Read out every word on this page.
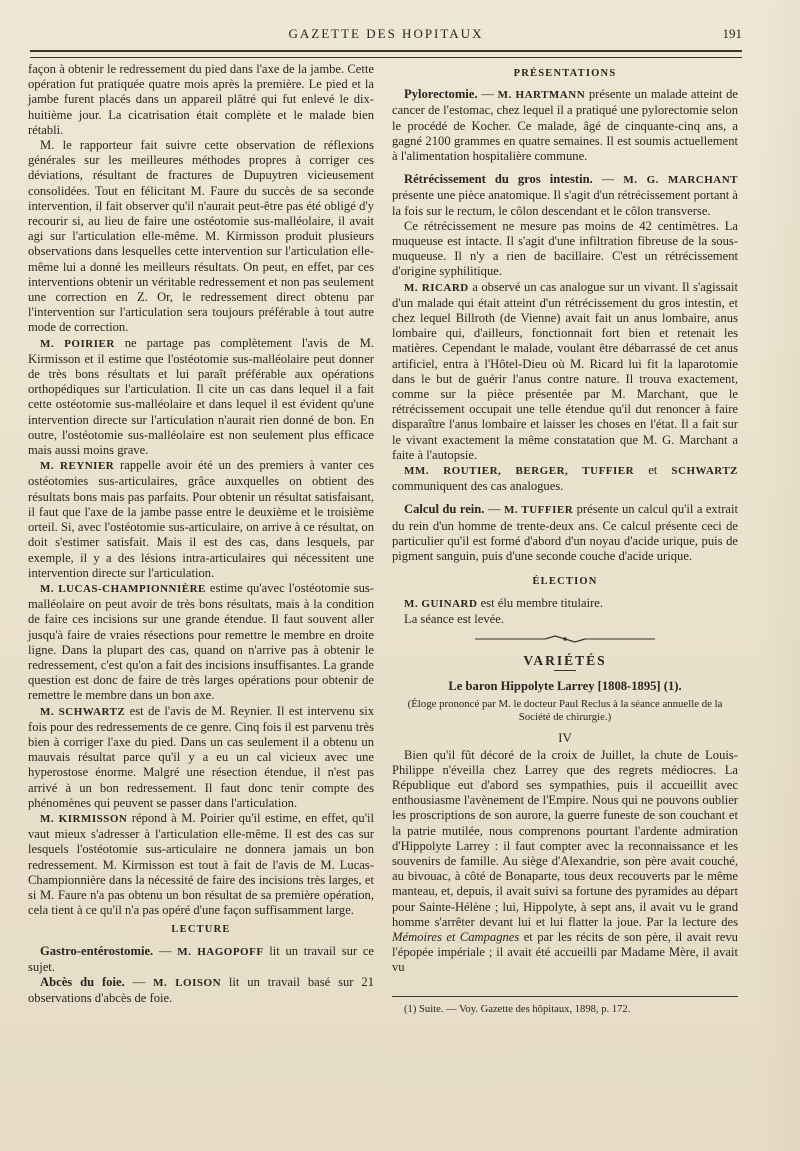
GAZETTE DES HOPITAUX	191

façon à obtenir le redressement du pied dans l'axe de la jambe. Cette opération fut pratiquée quatre mois après la première. Le pied et la jambe furent placés dans un appareil plâtré qui fut enlevé le dix-huitième jour. La cicatrisation était complète et le malade bien rétabli.

M. le rapporteur fait suivre cette observation de réflexions générales sur les meilleures méthodes propres à corriger ces déviations, résultant de fractures de Dupuytren vicieusement consolidées. Tout en félicitant M. Faure du succès de sa seconde intervention, il fait observer qu'il n'aurait peut-être pas été obligé d'y recourir si, au lieu de faire une ostéotomie sus-malléolaire, il avait agi sur l'articulation elle-même. M. Kirmisson produit plusieurs observations dans lesquelles cette intervention sur l'articulation elle-même lui a donné les meilleurs résultats. On peut, en effet, par ces interventions obtenir un véritable redressement et non pas seulement une correction en Z. Or, le redressement direct obtenu par l'intervention sur l'articulation sera toujours préférable à tout autre mode de correction.

M. POIRIER ne partage pas complètement l'avis de M. Kirmisson et il estime que l'ostéotomie sus-malléolaire peut donner de très bons résultats et lui paraît préférable aux opérations orthopédiques sur l'articulation. Il cite un cas dans lequel il a fait cette ostéotomie sus-malléolaire et dans lequel il est évident qu'une intervention directe sur l'articulation n'aurait rien donné de bon. En outre, l'ostéotomie sus-malléolaire est non seulement plus efficace mais aussi moins grave.

M. REYNIER rappelle avoir été un des premiers à vanter ces ostéotomies sus-articulaires, grâce auxquelles on obtient des résultats bons mais pas parfaits. Pour obtenir un résultat satisfaisant, il faut que l'axe de la jambe passe entre le deuxième et le troisième orteil. Si, avec l'ostéotomie sus-articulaire, on arrive à ce résultat, on doit s'estimer satisfait. Mais il est des cas, dans lesquels, par exemple, il y a des lésions intra-articulaires qui nécessitent une intervention directe sur l'articulation.

M. LUCAS-CHAMPIONNIÈRE estime qu'avec l'ostéotomie sus-malléolaire on peut avoir de très bons résultats, mais à la condition de faire ces incisions sur une grande étendue. Il faut souvent aller jusqu'à faire de vraies résections pour remettre le membre en droite ligne. Dans la plupart des cas, quand on n'arrive pas à obtenir le redressement, c'est qu'on a fait des incisions insuffisantes. La grande question est donc de faire de très larges opérations pour obtenir de remettre le membre dans un bon axe.

M. SCHWARTZ est de l'avis de M. Reynier. Il est intervenu six fois pour des redressements de ce genre. Cinq fois il est parvenu très bien à corriger l'axe du pied. Dans un cas seulement il a obtenu un mauvais résultat parce qu'il y a eu un cal vicieux avec une hyperostose énorme. Malgré une résection étendue, il n'est pas arrivé à un bon redressement. Il faut donc tenir compte des phénomènes qui peuvent se passer dans l'articulation.

M. KIRMISSON répond à M. Poirier qu'il estime, en effet, qu'il vaut mieux s'adresser à l'articulation elle-même. Il est des cas sur lesquels l'ostéotomie sus-articulaire ne donnera jamais un bon redressement. M. Kirmisson est tout à fait de l'avis de M. Lucas-Championnière dans la nécessité de faire des incisions très larges, et si M. Faure n'a pas obtenu un bon résultat de sa première opération, cela tient à ce qu'il n'a pas opéré d'une façon suffisamment large.

LECTURE

Gastro-entérostomie. — M. HAGOPOFF lit un travail sur ce sujet.

Abcès du foie. — M. LOISON lit un travail basé sur 21 observations d'abcès de foie.

PRÉSENTATIONS

Pylorectomie. — M. HARTMANN présente un malade atteint de cancer de l'estomac, chez lequel il a pratiqué une pylorectomie selon le procédé de Kocher. Ce malade, âgé de cinquante-cinq ans, a gagné 2100 grammes en quatre semaines. Il est soumis actuellement à l'alimentation hospitalière commune.

Rétrécissement du gros intestin. — M. G. MARCHANT présente une pièce anatomique. Il s'agit d'un rétrécissement portant à la fois sur le rectum, le côlon descendant et le côlon transverse.

Ce rétrécissement ne mesure pas moins de 42 centimètres. La muqueuse est intacte. Il s'agit d'une infiltration fibreuse de la sous-muqueuse. Il n'y a rien de bacillaire. C'est un rétrécissement d'origine syphilitique.

M. RICARD a observé un cas analogue sur un vivant. Il s'agissait d'un malade qui était atteint d'un rétrécissement du gros intestin, et chez lequel Billroth (de Vienne) avait fait un anus lombaire, anus lombaire qui, d'ailleurs, fonctionnait fort bien et retenait les matières. Cependant le malade, voulant être débarrassé de cet anus artificiel, entra à l'Hôtel-Dieu où M. Ricard lui fit la laparotomie dans le but de guérir l'anus contre nature. Il trouva exactement, comme sur la pièce présentée par M. Marchant, que le rétrécissement occupait une telle étendue qu'il dut renoncer à faire disparaître l'anus lombaire et laisser les choses en l'état. Il a fait sur le vivant exactement la même constatation que M. G. Marchant a faite à l'autopsie.

MM. ROUTIER, BERGER, TUFFIER et SCHWARTZ communiquent des cas analogues.

Calcul du rein. — M. TUFFIER présente un calcul qu'il a extrait du rein d'un homme de trente-deux ans. Ce calcul présente ceci de particulier qu'il est formé d'abord d'un noyau d'acide urique, puis de pigment sanguin, puis d'une seconde couche d'acide urique.

ÉLECTION

M. GUINARD est élu membre titulaire.

La séance est levée.

VARIÉTÉS
Le baron Hippolyte Larrey [1808-1895] (1).
(Éloge prononcé par M. le docteur Paul Reclus à la séance annuelle de la Société de chirurgie.)
IV

Bien qu'il fût décoré de la croix de Juillet, la chute de Louis-Philippe n'éveilla chez Larrey que des regrets médiocres. La République eut d'abord ses sympathies, puis il accueillit avec enthousiasme l'avènement de l'Empire. Nous qui ne pouvons oublier les proscriptions de son aurore, la guerre funeste de son couchant et la patrie mutilée, nous comprenons pourtant l'ardente admiration d'Hippolyte Larrey : il faut compter avec la reconnaissance et les souvenirs de famille. Au siège d'Alexandrie, son père avait couché, au bivouac, à côté de Bonaparte, tous deux recouverts par le même manteau, et, depuis, il avait suivi sa fortune des pyramides au départ pour Sainte-Hélène ; lui, Hippolyte, à sept ans, il avait vu le grand homme s'arrêter devant lui et lui flatter la joue. Par la lecture des Mémoires et Campagnes et par les récits de son père, il avait revu l'épopée impériale ; il avait été accueilli par Madame Mère, il avait vu

(1) Suite. — Voy. Gazette des hôpitaux, 1898, p. 172.
